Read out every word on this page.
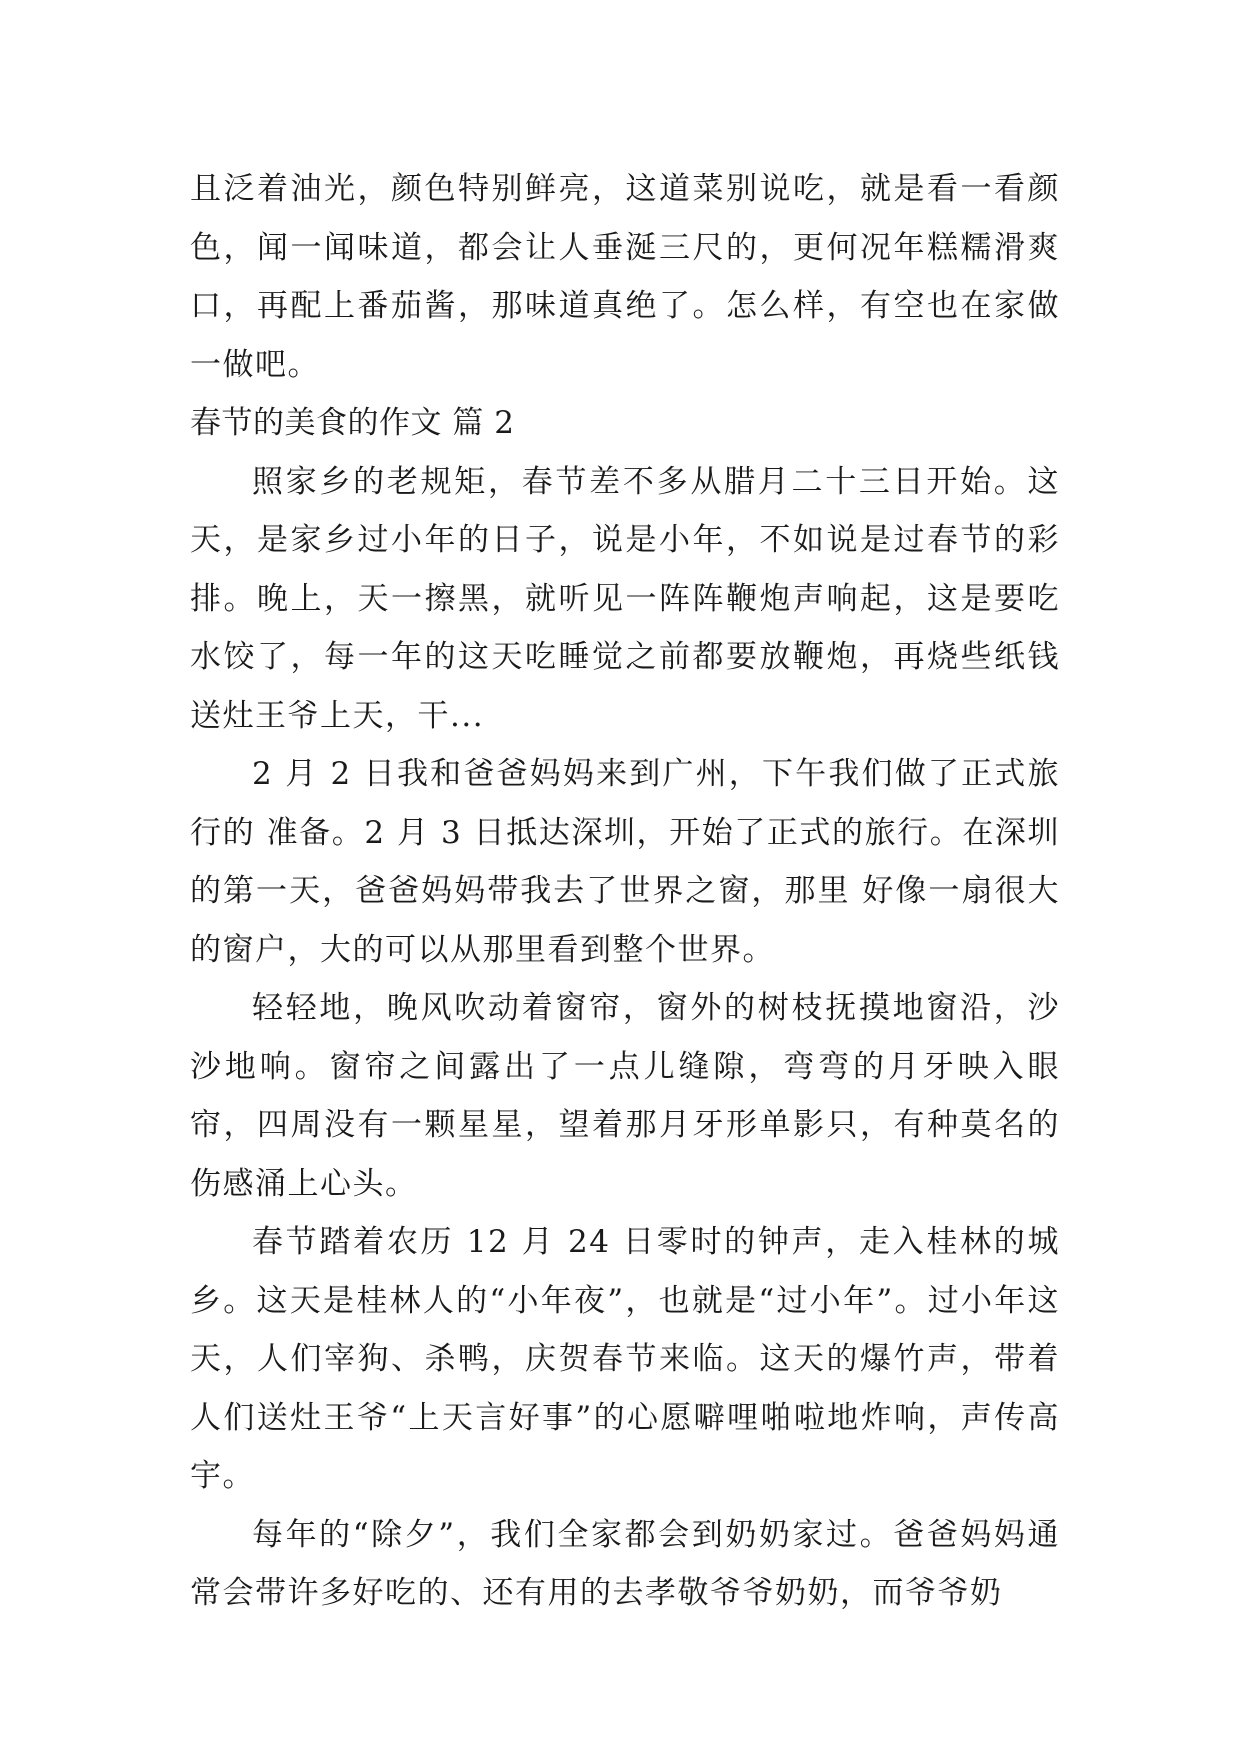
且泛着油光，颜色特别鲜亮，这道菜别说吃，就是看一看颜色，闻一闻味道，都会让人垂涎三尺的，更何况年糕糯滑爽口，再配上番茄酱，那味道真绝了。怎么样，有空也在家做一做吧。

春节的美食的作文 篇 2

照家乡的老规矩，春节差不多从腊月二十三日开始。这天，是家乡过小年的日子，说是小年，不如说是过春节的彩排。晚上，天一擦黑，就听见一阵阵鞭炮声响起，这是要吃水饺了，每一年的这天吃睡觉之前都要放鞭炮，再烧些纸钱送灶王爷上天，干...

2 月 2 日我和爸爸妈妈来到广州，下午我们做了正式旅行的 准备。2 月 3 日抵达深圳，开始了正式的旅行。在深圳的第一天，爸爸妈妈带我去了世界之窗，那里 好像一扇很大的窗户，大的可以从那里看到整个世界。

轻轻地，晚风吹动着窗帘，窗外的树枝抚摸地窗沿，沙沙地响。窗帘之间露出了一点儿缝隙，弯弯的月牙映入眼帘，四周没有一颗星星，望着那月牙形单影只，有种莫名的伤感涌上心头。

春节踏着农历 12 月 24 日零时的钟声，走入桂林的城乡。这天是桂林人的“小年夜”，也就是“过小年”。过小年这天，人们宰狗、杀鸭，庆贺春节来临。这天的爆竹声，带着人们送灶王爷“上天言好事”的心愿噼哩啪啦地炸响，声传高宇。

每年的“除夕”，我们全家都会到奶奶家过。爸爸妈妈通常会带许多好吃的、还有用的去孝敬爷爷奶奶，而爷爷奶
